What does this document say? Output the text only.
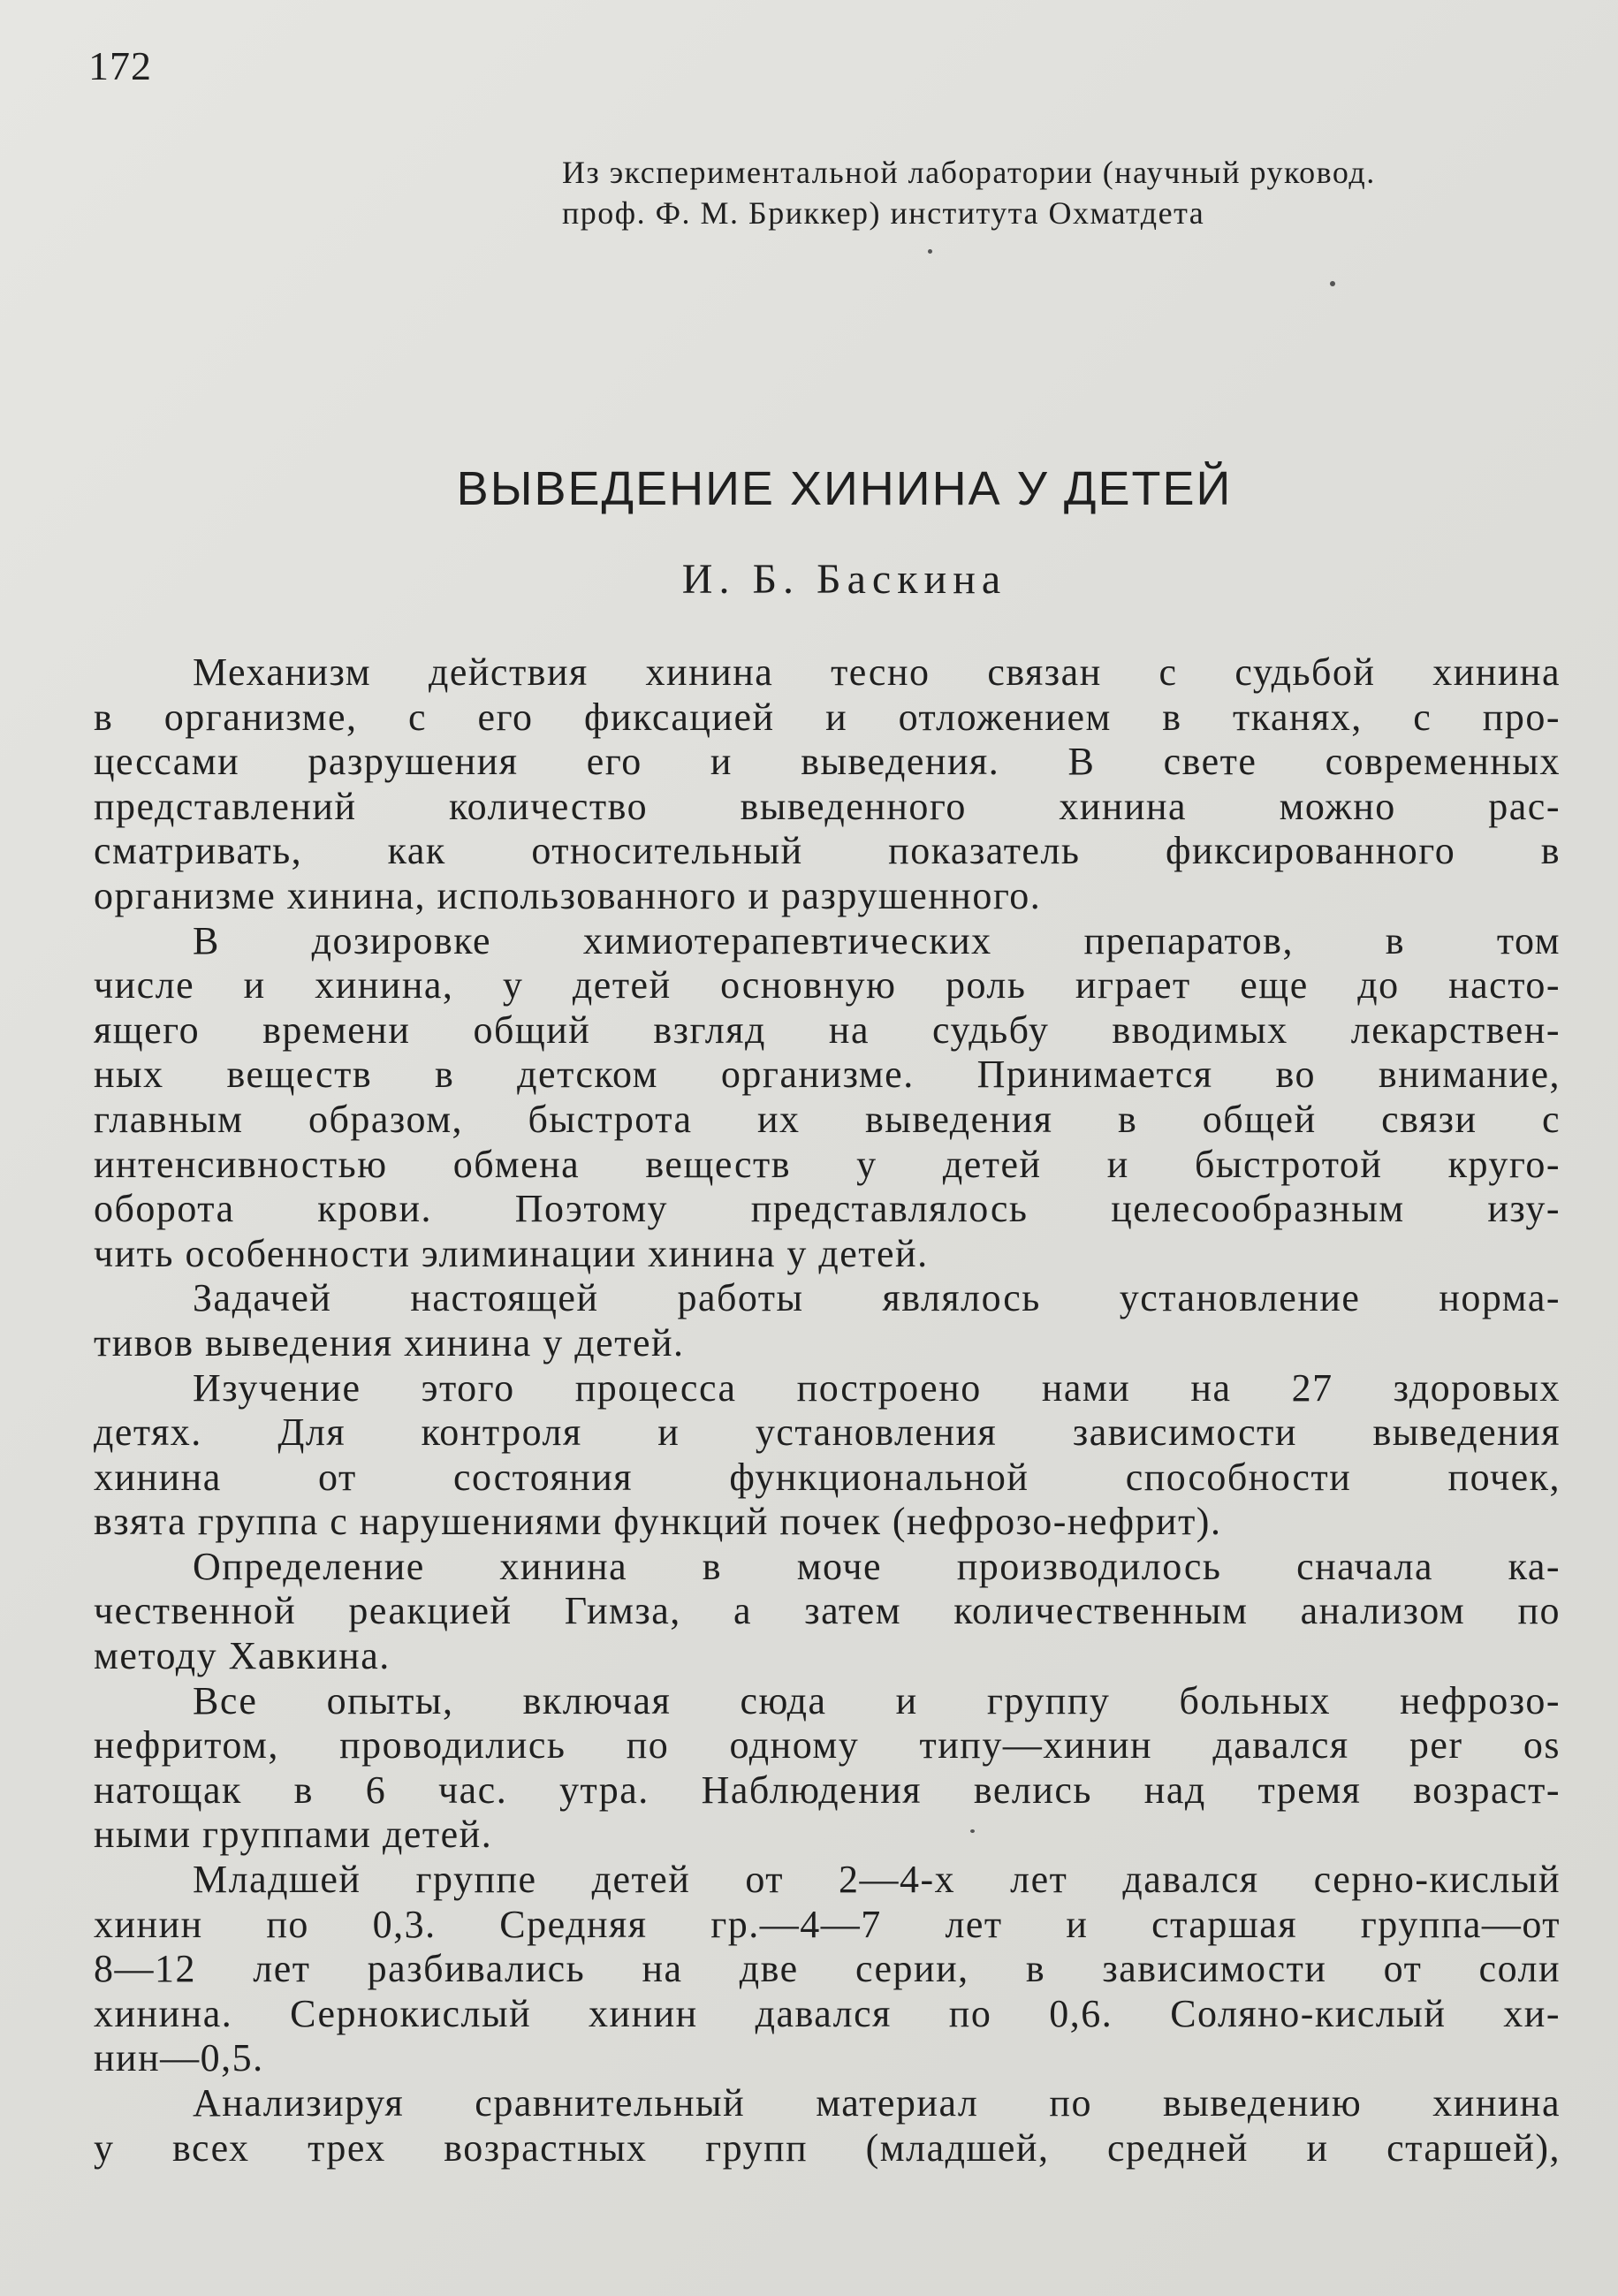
172
Из экспериментальной лаборатории (научный руковод.
проф. Ф. М. Бриккер) института Охматдета
ВЫВЕДЕНИЕ ХИНИНА У ДЕТЕЙ
И. Б. Баскина
Механизм действия хинина тесно связан с судьбой хинина
в организме, с его фиксацией и отложением в тканях, с про-
цессами разрушения его и выведения. В свете современных
представлений количество выведенного хинина можно рас-
сматривать, как относительный показатель фиксированного в
организме хинина, использованного и разрушенного.
В дозировке химиотерапевтических препаратов, в том
числе и хинина, у детей основную роль играет еще до насто-
ящего времени общий взгляд на судьбу вводимых лекарствен-
ных веществ в детском организме. Принимается во внимание,
главным образом, быстрота их выведения в общей связи с
интенсивностью обмена веществ у детей и быстротой круго-
оборота крови. Поэтому представлялось целесообразным изу-
чить особенности элиминации хинина у детей.
Задачей настоящей работы являлось установление норма-
тивов выведения хинина у детей.
Изучение этого процесса построено нами на 27 здоровых
детях. Для контроля и установления зависимости выведения
хинина от состояния функциональной способности почек,
взята группа с нарушениями функций почек (нефрозо-нефрит).
Определение хинина в моче производилось сначала ка-
чественной реакцией Гимза, а затем количественным анализом по
методу Хавкина.
Все опыты, включая сюда и группу больных нефрозо-
нефритом, проводились по одному типу—хинин давался per os
натощак в 6 час. утра. Наблюдения велись над тремя возраст-
ными группами детей.
Младшей группе детей от 2—4-х лет давался серно-кислый
хинин по 0,3. Средняя гр.—4—7 лет и старшая группа—от
8—12 лет разбивались на две серии, в зависимости от соли
хинина. Сернокислый хинин давался по 0,6. Соляно-кислый хи-
нин—0,5.
Анализируя сравнительный материал по выведению хинина
у всех трех возрастных групп (младшей, средней и старшей),
